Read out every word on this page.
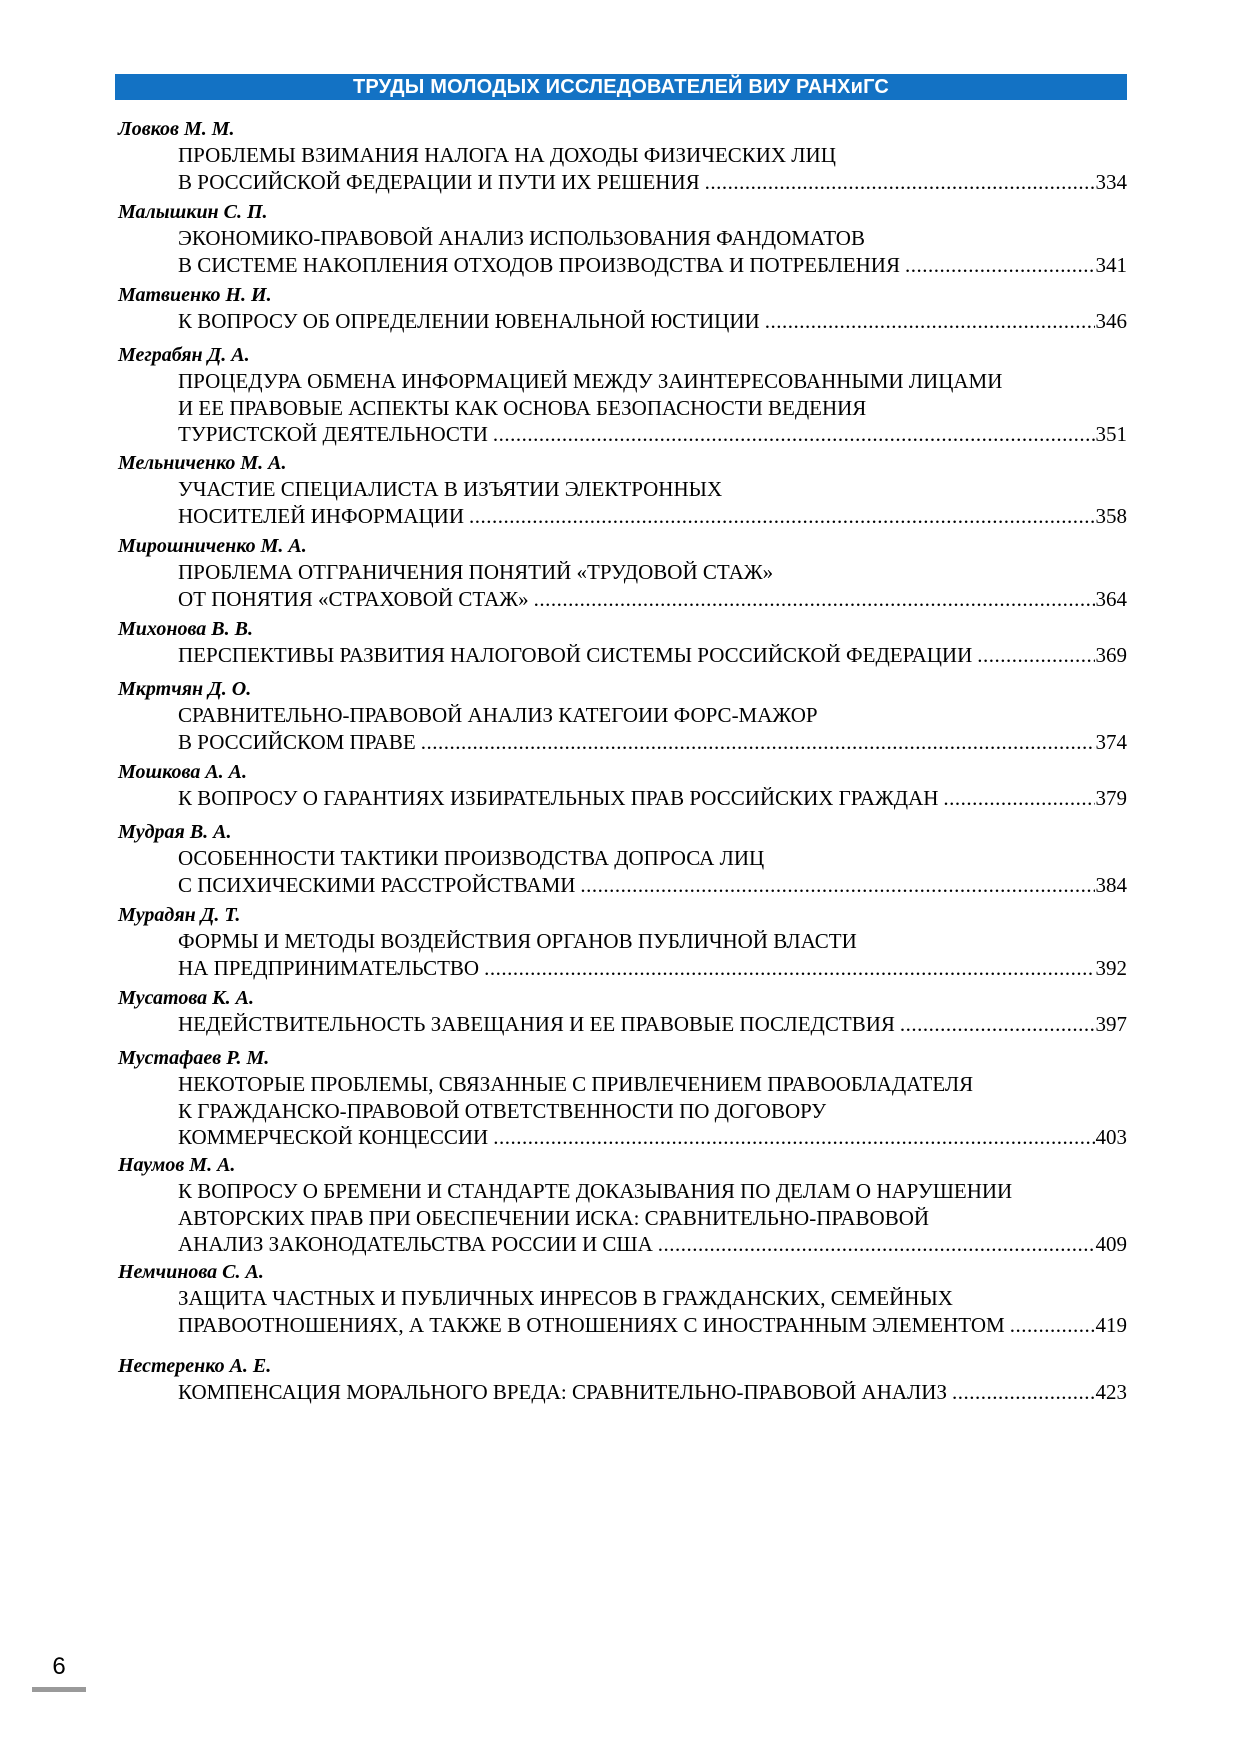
ТРУДЫ МОЛОДЫХ ИССЛЕДОВАТЕЛЕЙ ВИУ РАНХиГС
Ловков М. М.
ПРОБЛЕМЫ ВЗИМАНИЯ НАЛОГА НА ДОХОДЫ ФИЗИЧЕСКИХ ЛИЦ
В РОССИЙСКОЙ ФЕДЕРАЦИИ И ПУТИ ИХ РЕШЕНИЯ .....	334
Малышкин С. П.
ЭКОНОМИКО-ПРАВОВОЙ АНАЛИЗ ИСПОЛЬЗОВАНИЯ ФАНДОМАТОВ
В СИСТЕМЕ НАКОПЛЕНИЯ ОТХОДОВ ПРОИЗВОДСТВА И ПОТРЕБЛЕНИЯ .....	341
Матвиенко Н. И.
К ВОПРОСУ ОБ ОПРЕДЕЛЕНИИ ЮВЕНАЛЬНОЙ ЮСТИЦИИ .....	346
Меграбян Д. А.
ПРОЦЕДУРА ОБМЕНА ИНФОРМАЦИЕЙ МЕЖДУ ЗАИНТЕРЕСОВАННЫМИ ЛИЦАМИ
И ЕЕ ПРАВОВЫЕ АСПЕКТЫ КАК ОСНОВА БЕЗОПАСНОСТИ ВЕДЕНИЯ
ТУРИСТСКОЙ ДЕЯТЕЛЬНОСТИ .....	351
Мельниченко М. А.
УЧАСТИЕ СПЕЦИАЛИСТА В ИЗЪЯТИИ ЭЛЕКТРОННЫХ
НОСИТЕЛЕЙ ИНФОРМАЦИИ .....	358
Мирошниченко М. А.
ПРОБЛЕМА ОТГРАНИЧЕНИЯ ПОНЯТИЙ «ТРУДОВОЙ СТАЖ»
ОТ ПОНЯТИЯ «СТРАХОВОЙ СТАЖ» .....	364
Михонова В. В.
ПЕРСПЕКТИВЫ РАЗВИТИЯ НАЛОГОВОЙ СИСТЕМЫ РОССИЙСКОЙ ФЕДЕРАЦИИ .....	369
Мкртчян Д. О.
СРАВНИТЕЛЬНО-ПРАВОВОЙ АНАЛИЗ КАТЕГОИИ ФОРС-МАЖОР
В РОССИЙСКОМ ПРАВЕ .....	374
Мошкова А. А.
К ВОПРОСУ О ГАРАНТИЯХ ИЗБИРАТЕЛЬНЫХ ПРАВ РОССИЙСКИХ ГРАЖДАН .....	379
Мудрая В. А.
ОСОБЕННОСТИ ТАКТИКИ ПРОИЗВОДСТВА ДОПРОСА ЛИЦ
С ПСИХИЧЕСКИМИ РАССТРОЙСТВАМИ .....	384
Мурадян Д. Т.
ФОРМЫ И МЕТОДЫ ВОЗДЕЙСТВИЯ ОРГАНОВ ПУБЛИЧНОЙ ВЛАСТИ
НА ПРЕДПРИНИМАТЕЛЬСТВО .....	392
Мусатова К. А.
НЕДЕЙСТВИТЕЛЬНОСТЬ ЗАВЕЩАНИЯ И ЕЕ ПРАВОВЫЕ ПОСЛЕДСТВИЯ .....	397
Мустафаев Р. М.
НЕКОТОРЫЕ ПРОБЛЕМЫ, СВЯЗАННЫЕ С ПРИВЛЕЧЕНИЕМ ПРАВООБЛАДАТЕЛЯ
К ГРАЖДАНСКО-ПРАВОВОЙ ОТВЕТСТВЕННОСТИ ПО ДОГОВОРУ
КОММЕРЧЕСКОЙ КОНЦЕССИИ .....	403
Наумов М. А.
К ВОПРОСУ О БРЕМЕНИ И СТАНДАРТЕ ДОКАЗЫВАНИЯ ПО ДЕЛАМ О НАРУШЕНИИ
АВТОРСКИХ ПРАВ ПРИ ОБЕСПЕЧЕНИИ ИСКА: СРАВНИТЕЛЬНО-ПРАВОВОЙ
АНАЛИЗ ЗАКОНОДАТЕЛЬСТВА РОССИИ И США .....	409
Немчинова С. А.
ЗАЩИТА ЧАСТНЫХ И ПУБЛИЧНЫХ ИНРЕСОВ В ГРАЖДАНСКИХ, СЕМЕЙНЫХ
ПРАВООТНОШЕНИЯХ, А ТАКЖЕ В ОТНОШЕНИЯХ С ИНОСТРАННЫМ ЭЛЕМЕНТОМ .....	419
Нестеренко А. Е.
КОМПЕНСАЦИЯ МОРАЛЬНОГО ВРЕДА: СРАВНИТЕЛЬНО-ПРАВОВОЙ АНАЛИЗ .....	423
6
